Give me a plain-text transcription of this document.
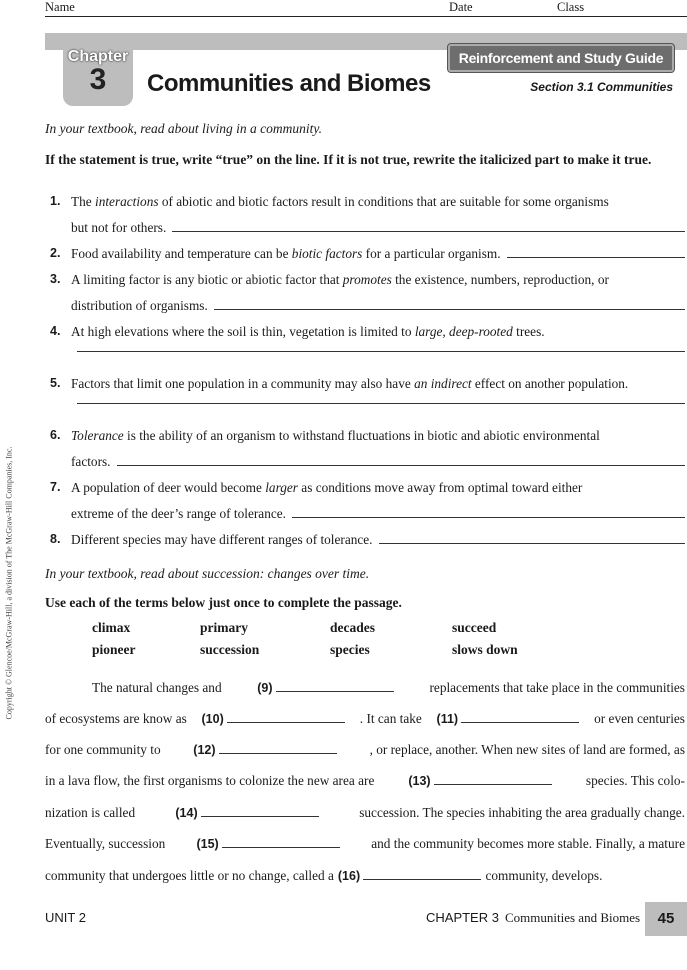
Name	Date	Class
Chapter
3	Communities and Biomes
Reinforcement and Study Guide
Section 3.1 Communities
In your textbook, read about living in a community.
If the statement is true, write “true” on the line. If it is not true, rewrite the italicized part to make it true.
1. The interactions of abiotic and biotic factors result in conditions that are suitable for some organisms
but not for others.
2. Food availability and temperature can be biotic factors for a particular organism.
3. A limiting factor is any biotic or abiotic factor that promotes the existence, numbers, reproduction, or
distribution of organisms.
4. At high elevations where the soil is thin, vegetation is limited to large, deep-rooted trees.
5. Factors that limit one population in a community may also have an indirect effect on another population.
6. Tolerance is the ability of an organism to withstand fluctuations in biotic and abiotic environmental
factors.
7. A population of deer would become larger as conditions move away from optimal toward either
extreme of the deer’s range of tolerance.
8. Different species may have different ranges of tolerance.
In your textbook, read about succession: changes over time.
Use each of the terms below just once to complete the passage.
climax	primary	decades	succeed
pioneer	succession	species	slows down
The natural changes and	(9)	replacements that take place in the communities
of ecosystems are know as (10)	. It can take (11)	or even centuries
for one community to	(12)	, or replace, another. When new sites of land are formed, as
in a lava flow, the first organisms to colonize the new area are	(13)	species. This colo-
nization is called	(14)	succession. The species inhabiting the area gradually change.
Eventually, succession (15)	and the community becomes more stable. Finally, a mature
community that undergoes little or no change, called a (16)	community, develops.
Copyright © Glencoe/McGraw-Hill, a division of The McGraw-Hill Companies, Inc.
UNIT 2	CHAPTER 3 Communities and Biomes	45
